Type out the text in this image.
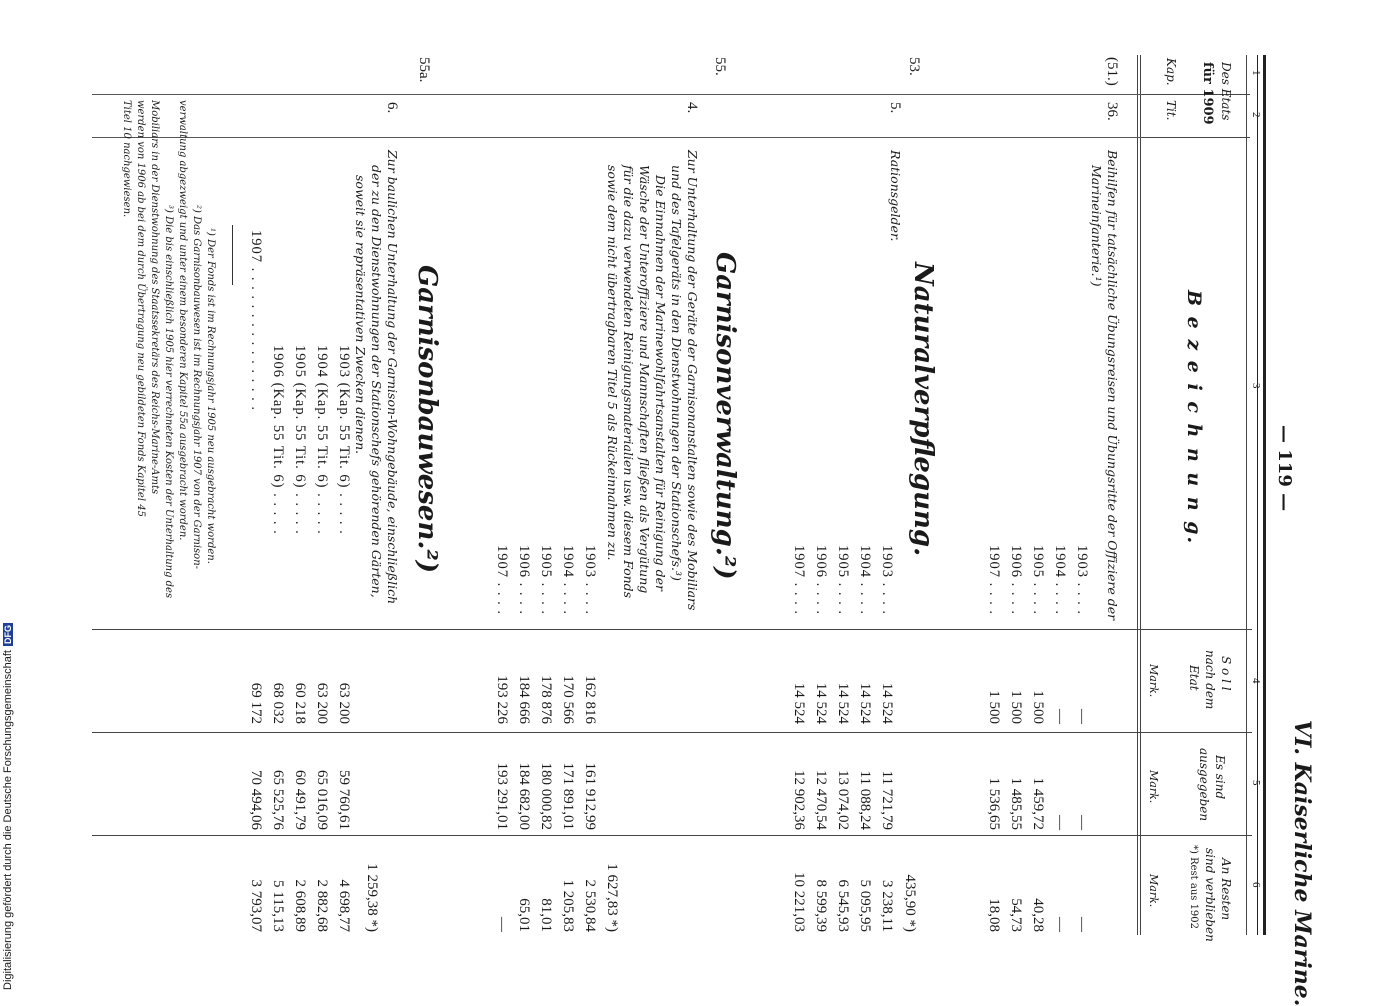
— 119 —
VI. Kaiserliche Marine.
1
2
3
4
5
6
Des Etats
für 1909
Kap.
Tit.
B e z e i c h n u n g.
S o l l
nach dem
Etat
Mark.
Es sind
ausgegeben
Mark.
An Resten
sind verblieben
*) Rest aus 1902
Mark.
Naturalverpflegung.
Garnisonverwaltung.²)
Garnisonbauwesen.²)
(51.)
36.
Beihilfen für tatsächliche Übungsreisen und Übungsritte der Offiziere der
Marineinfanterie.¹)
1903 . . . .
—
—
—
1904 . . . .
—
—
—
1905 . . . .
1 500
1 459,72
40,28
1906 . . . .
1 500
1 485,55
54,73
1907 . . . .
1 500
1 536,65
18,08
53.
5.
Rationsgelder.
435,90 *)
1903 . . . .
14 524
11 721,79
3 238,11
1904 . . . .
14 524
11 088,24
5 095,95
1905 . . . .
14 524
13 074,02
6 545,93
1906 . . . .
14 524
12 470,54
8 599,39
1907 . . . .
14 524
12 902,36
10 221,03
55.
4.
Zur Unterhaltung der Geräte der Garnisonanstalten sowie des Mobiliars
und des Tafelgeräts in den Dienstwohnungen der Stationschefs.³)
Die Einnahmen der Marinewohlfahrtsanstalten für Reinigung der
Wäsche der Unteroffiziere und Mannschaften fließen als Vergütung
für die dazu verwendeten Reinigungsmaterialien usw. diesem Fonds
sowie dem nicht übertragbaren Titel 5 als Rückeinnahmen zu.
1 627,83 *)
1903 . . . .
162 816
161 912,99
2 530,84
1904 . . . .
170 566
171 891,01
1 205,83
1905 . . . .
178 876
180 000,82
81,01
1906 . . . .
184 666
184 682,00
65,01
1907 . . . .
193 226
193 291,01
—
55a.
6.
Zur baulichen Unterhaltung der Garnison-Wohngebäude, einschließlich
der zu den Dienstwohnungen der Stationschefs gehörenden Gärten,
soweit sie repräsentativen Zwecken dienen.
1 259,38 *)
1903 (Kap. 55 Tit. 6) . . . . .
63 200
59 760,61
4 698,77
1904 (Kap. 55 Tit. 6) . . . . .
63 200
65 016,09
2 882,68
1905 (Kap. 55 Tit. 6) . . . . .
60 218
60 491,79
2 608,89
1906 (Kap. 55 Tit. 6) . . . . .
68 032
65 525,76
5 115,13
1907 . . . . . . . . . . . . . . . .
69 172
70 494,06
3 793,07
¹) Der Fonds ist im Rechnungsjahr 1905 neu ausgebracht worden.
²) Das Garnisonbauwesen ist im Rechnungsjahr 1907 von der Garnison-
verwaltung abgezweigt und unter einem besonderen Kapitel 55a ausgebracht worden.
³) Die bis einschließlich 1905 hier verrechneten Kosten der Unterhaltung des
Mobiliars in der Dienstwohnung des Staatssekretärs des Reichs-Marine-Amts
werden von 1906 ab bei dem durch Übertragung neu gebildeten Fonds Kapitel 45
Titel 10 nachgewiesen.
Digitalisierung gefördert durch die Deutsche ForschungsgemeinschaftDFG
